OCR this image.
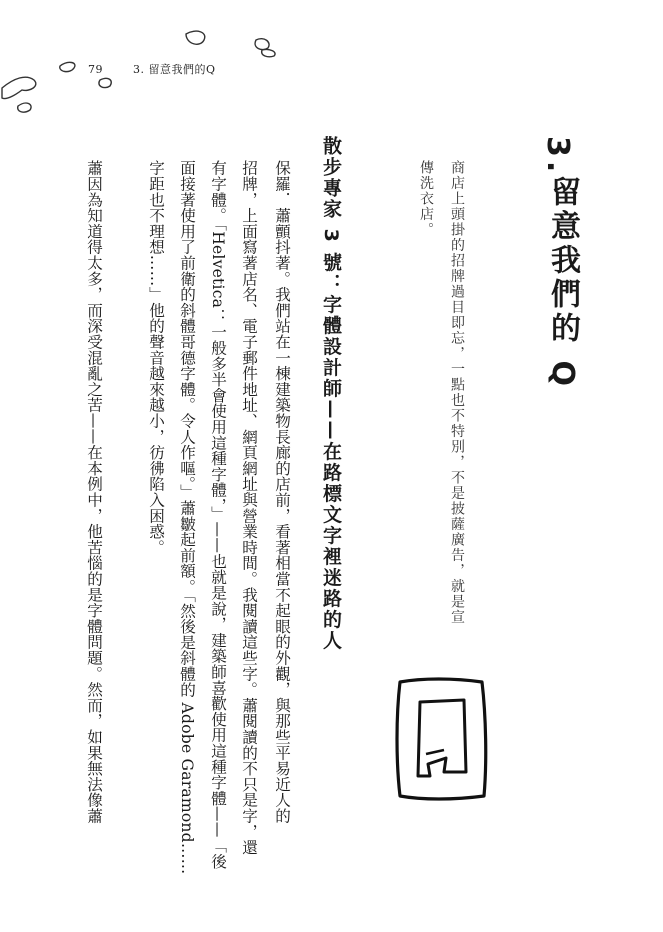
79	3. 留意我們的Q
3.
留意我們的 Q
商店上頭掛的招牌過目即忘，一點也不特別，不是披薩廣告，就是宣
傳洗衣店。
散步專家 3 號：字體設計師——在路標文字裡迷路的人
保羅．蕭顫抖著。我們站在一棟建築物長廊的店前，看著相當不起眼的外觀，與那些平易近人的
招牌，上面寫著店名、電子郵件地址、網頁網址與營業時間。我閱讀這些字。蕭閱讀的不只是字，還
有字體。「Helvetica：一般多半會使用這種字體，」——也就是說，建築師喜歡使用這種字體——「後
面接著使用了前衛的斜體哥德字體。令人作嘔。」蕭皺起前額。「然後是斜體的 Adobe Garamond……
字距也不理想……」他的聲音越來越小，彷彿陷入困惑。
蕭因為知道得太多，而深受混亂之苦——在本例中，他苦惱的是字體問題。然而，如果無法像蕭
